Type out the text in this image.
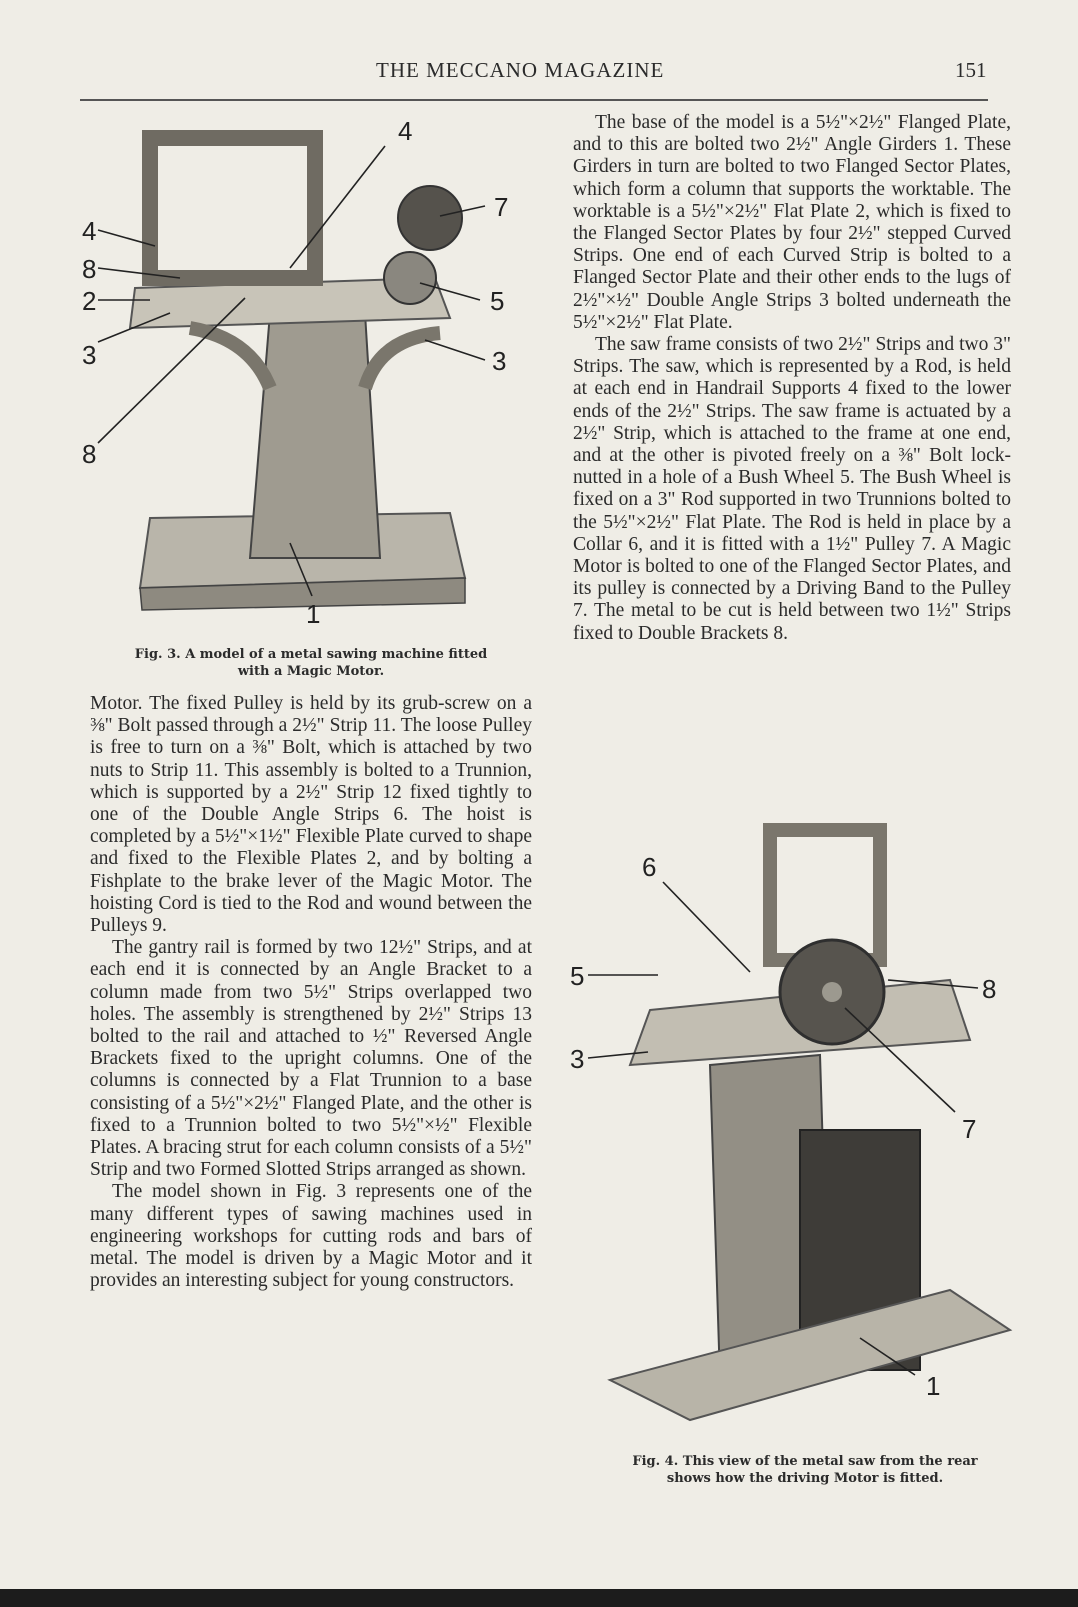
THE MECCANO MAGAZINE	151
4
7
4
8
2	5
3	3
8
1
Fig. 3. A model of a metal sawing machine fitted
with a Magic Motor.

Motor. The fixed Pulley is held by its grub-screw on a ⅜" Bolt passed through a 2½" Strip 11. The loose Pulley is free to turn on a ⅜" Bolt, which is attached by two nuts to Strip 11. This assembly is bolted to a Trunnion, which is supported by a 2½" Strip 12 fixed tightly to one of the Double Angle Strips 6. The hoist is completed by a 5½"×1½" Flexible Plate curved to shape and fixed to the Flexible Plates 2, and by bolting a Fishplate to the brake lever of the Magic Motor. The hoisting Cord is tied to the Rod and wound between the Pulleys 9.

The gantry rail is formed by two 12½" Strips, and at each end it is connected by an Angle Bracket to a column made from two 5½" Strips overlapped two holes. The assembly is strengthened by 2½" Strips 13 bolted to the rail and attached to ½" Reversed Angle Brackets fixed to the upright columns. One of the columns is connected by a Flat Trunnion to a base consisting of a 5½"×2½" Flanged Plate, and the other is fixed to a Trunnion bolted to two 5½"×½" Flexible Plates. A bracing strut for each column consists of a 5½" Strip and two Formed Slotted Strips arranged as shown.

The model shown in Fig. 3 represents one of the many different types of sawing machines used in engineering workshops for cutting rods and bars of metal. The model is driven by a Magic Motor and it provides an interesting subject for young constructors.

The base of the model is a 5½"×2½" Flanged Plate, and to this are bolted two 2½" Angle Girders 1. These Girders in turn are bolted to two Flanged Sector Plates, which form a column that supports the worktable. The worktable is a 5½"×2½" Flat Plate 2, which is fixed to the Flanged Sector Plates by four 2½" stepped Curved Strips. One end of each Curved Strip is bolted to a Flanged Sector Plate and their other ends to the lugs of 2½"×½" Double Angle Strips 3 bolted underneath the 5½"×2½" Flat Plate.

The saw frame consists of two 2½" Strips and two 3" Strips. The saw, which is represented by a Rod, is held at each end in Handrail Supports 4 fixed to the lower ends of the 2½" Strips. The saw frame is actuated by a 2½" Strip, which is attached to the frame at one end, and at the other is pivoted freely on a ⅜" Bolt lock-nutted in a hole of a Bush Wheel 5. The Bush Wheel is fixed on a 3" Rod supported in two Trunnions bolted to the 5½"×2½" Flat Plate. The Rod is held in place by a Collar 6, and it is fitted with a 1½" Pulley 7. A Magic Motor is bolted to one of the Flanged Sector Plates, and its pulley is connected by a Driving Band to the Pulley 7. The metal to be cut is held between two 1½" Strips fixed to Double Brackets 8.

6
5	8
3
7
1
Fig. 4. This view of the metal saw from the rear
shows how the driving Motor is fitted.
